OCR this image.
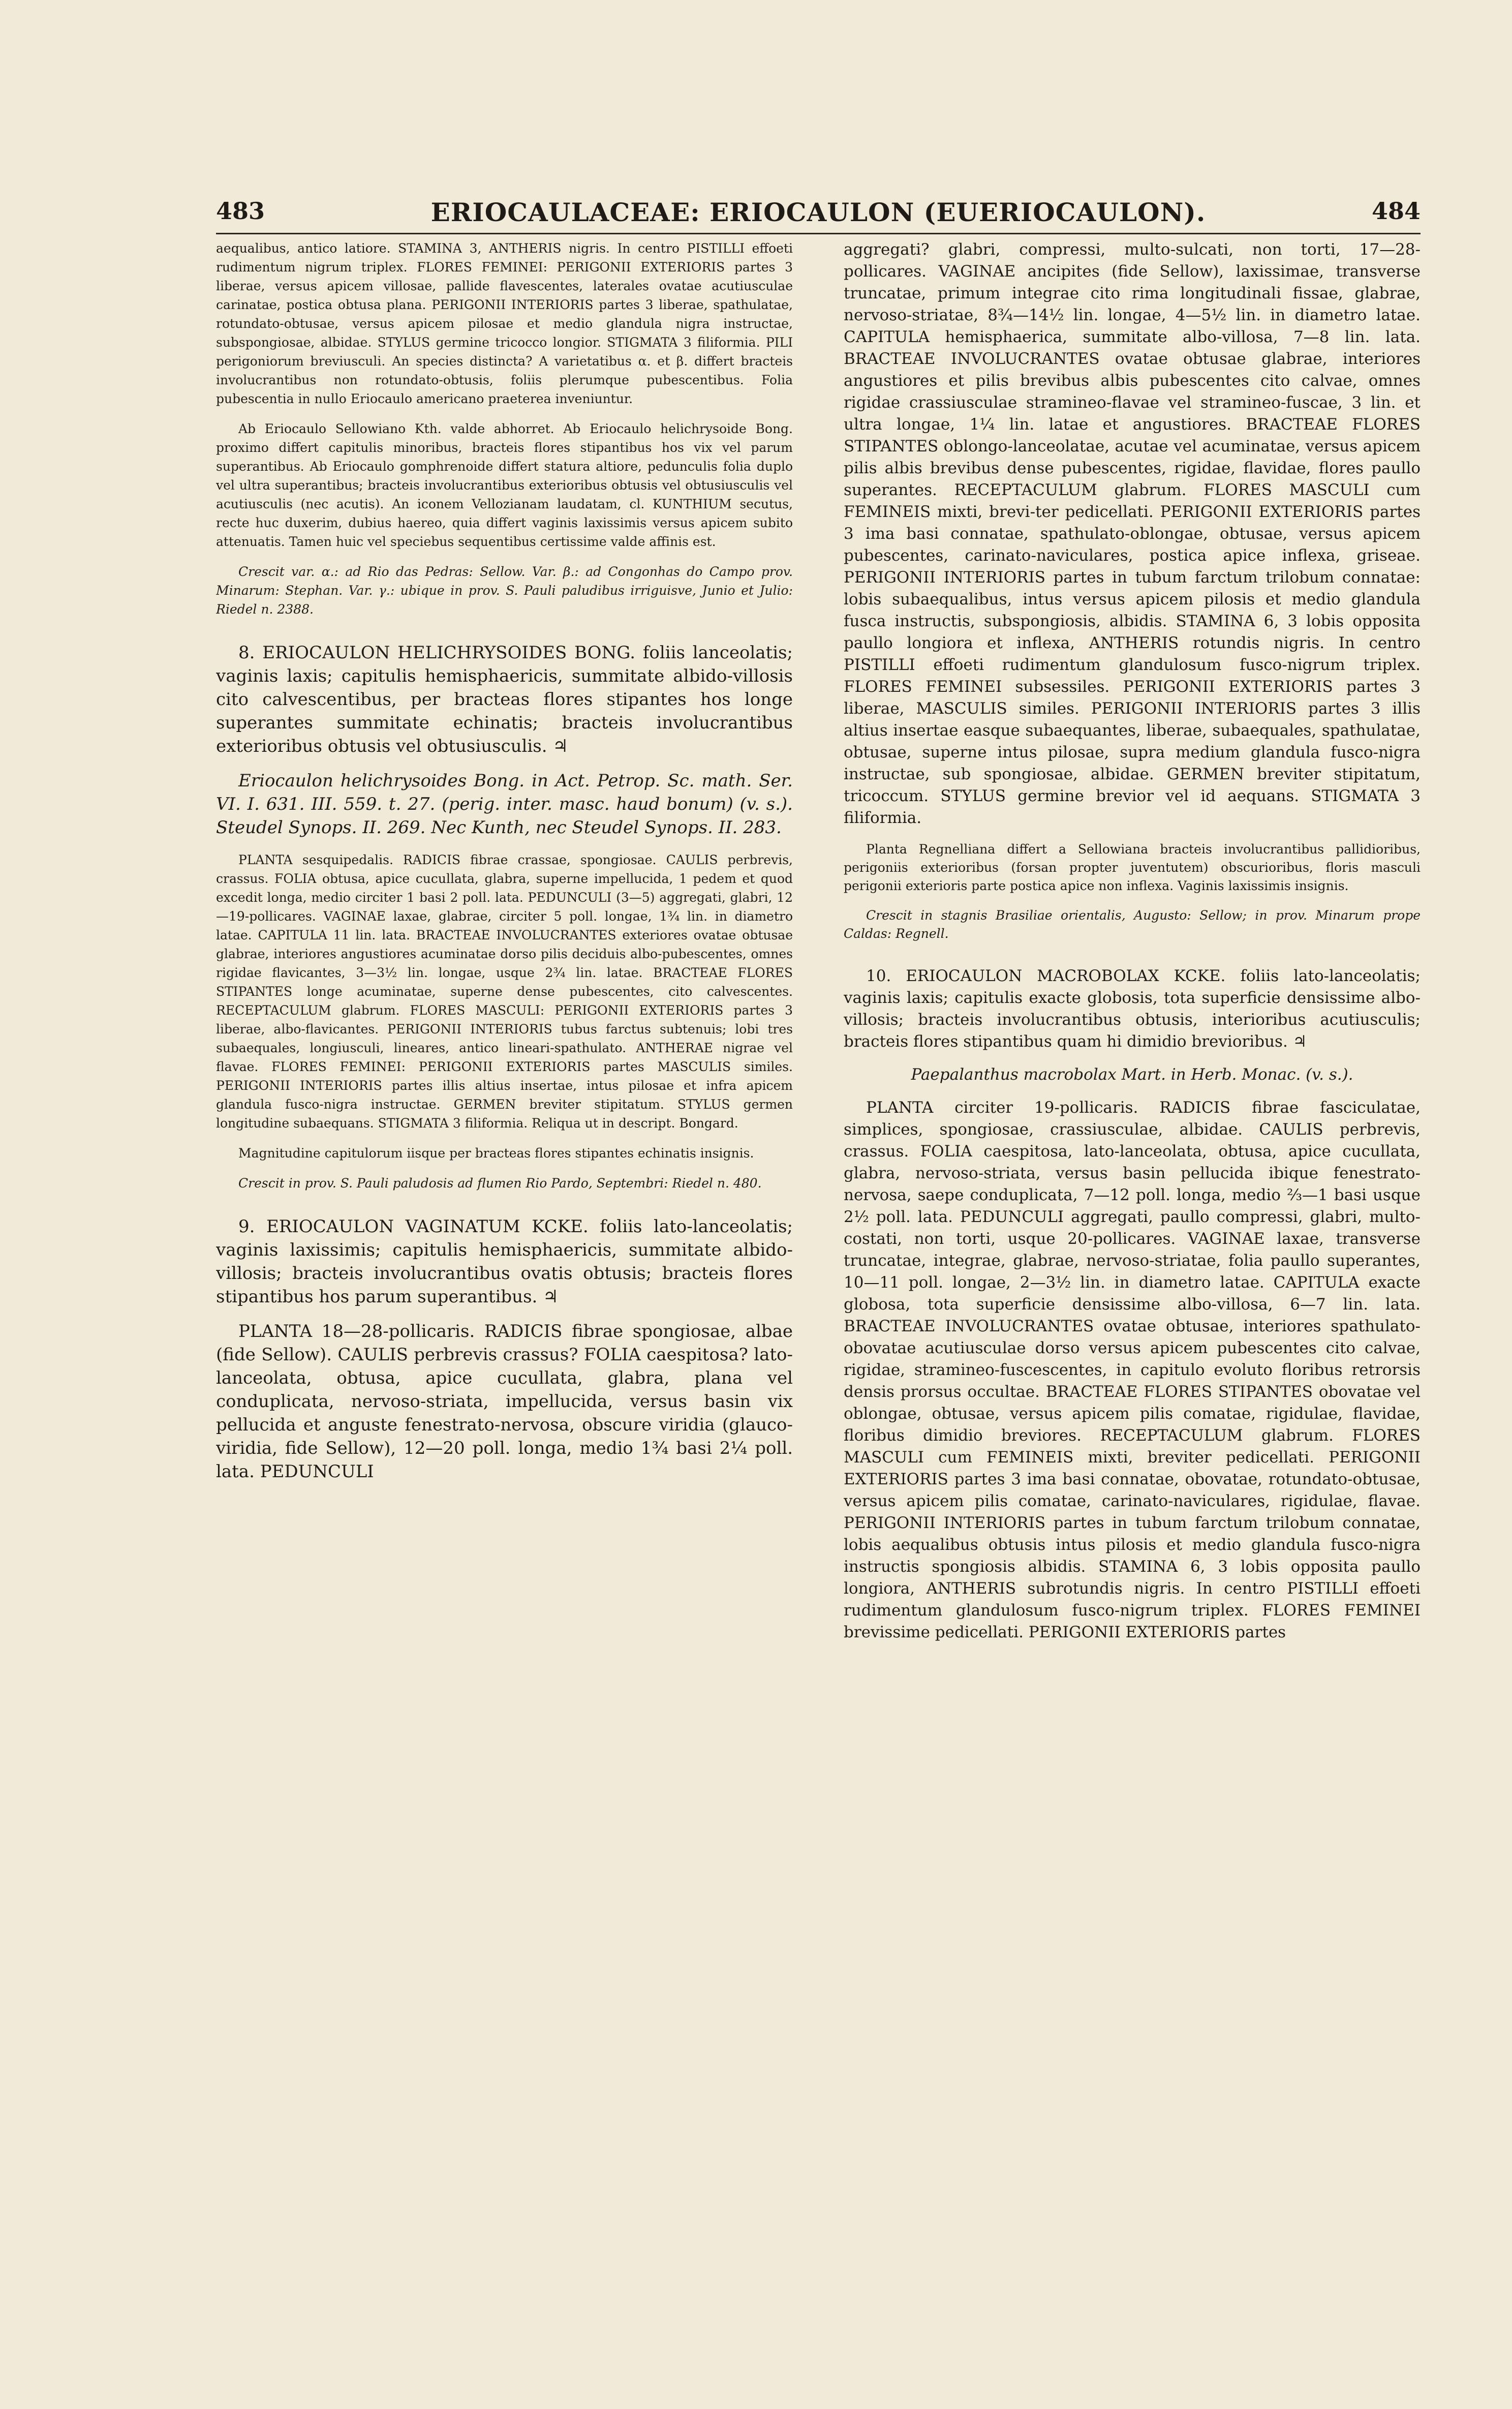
483	ERIOCAULACEAE: ERIOCAULON (EUERIOCAULON).	484

aequalibus, antico latiore. STAMINA 3, ANTHERIS nigris. In centro PISTILLI effoeti rudimentum nigrum triplex. FLORES FEMINEI: PERIGONII EXTERIORIS partes 3 liberae, versus apicem villosae, pallide flavescentes, laterales ovatae acutiusculae carinatae, postica obtusa plana. PERIGONII INTERIORIS partes 3 liberae, spathulatae, rotundato-obtusae, versus apicem pilosae et medio glandula nigra instructae, subspongiosae, albidae. STYLUS germine tricocco longior. STIGMATA 3 filiformia. PILI perigoniorum breviusculi. An species distincta? A varietatibus α. et β. differt bracteis involucrantibus non rotundato-obtusis, foliis plerumque pubescentibus. Folia pubescentia in nullo Eriocaulo americano praeterea inveniuntur.

Ab Eriocaulo Sellowiano Kth. valde abhorret. Ab Eriocaulo helichrysoide Bong. proximo differt capitulis minoribus, bracteis flores stipantibus hos vix vel parum superantibus. Ab Eriocaulo gomphrenoide differt statura altiore, pedunculis folia duplo vel ultra superantibus; bracteis involucrantibus exterioribus obtusis vel obtusiusculis vel acutiusculis (nec acutis). An iconem Vellozianam laudatam, cl. KUNTHIUM secutus, recte huc duxerim, dubius haereo, quia differt vaginis laxissimis versus apicem subito attenuatis. Tamen huic vel speciebus sequentibus certissime valde affinis est.

Crescit var. α.: ad Rio das Pedras: Sellow. Var. β.: ad Congonhas do Campo prov. Minarum: Stephan. Var. γ.: ubique in prov. S. Pauli paludibus irriguisve, Junio et Julio: Riedel n. 2388.

8. ERIOCAULON HELICHRYSOIDES BONG. foliis lanceolatis; vaginis laxis; capitulis hemisphaericis, summitate albido-villosis cito calvescentibus, per bracteas flores stipantes hos longe superantes summitate echinatis; bracteis involucrantibus exterioribus obtusis vel obtusiusculis. ♃

Eriocaulon helichrysoides Bong. in Act. Petrop. Sc. math. Ser. VI. I. 631. III. 559. t. 27. (perig. inter. masc. haud bonum) (v. s.). Steudel Synops. II. 269. Nec Kunth, nec Steudel Synops. II. 283.

PLANTA sesquipedalis. RADICIS fibrae crassae, spongiosae. CAULIS perbrevis, crassus. FOLIA obtusa, apice cucullata, glabra, superne impellucida, 1 pedem et quod excedit longa, medio circiter 1 basi 2 poll. lata. PEDUNCULI (3—5) aggregati, glabri, 12—19-pollicares. VAGINAE laxae, glabrae, circiter 5 poll. longae, 1¾ lin. in diametro latae. CAPITULA 11 lin. lata. BRACTEAE INVOLUCRANTES exteriores ovatae obtusae glabrae, interiores angustiores acuminatae dorso pilis deciduis albo-pubescentes, omnes rigidae flavicantes, 3—3½ lin. longae, usque 2¾ lin. latae. BRACTEAE FLORES STIPANTES longe acuminatae, superne dense pubescentes, cito calvescentes. RECEPTACULUM glabrum. FLORES MASCULI: PERIGONII EXTERIORIS partes 3 liberae, albo-flavicantes. PERIGONII INTERIORIS tubus farctus subtenuis; lobi tres subaequales, longiusculi, lineares, antico lineari-spathulato. ANTHERAE nigrae vel flavae. FLORES FEMINEI: PERIGONII EXTERIORIS partes MASCULIS similes. PERIGONII INTERIORIS partes illis altius insertae, intus pilosae et infra apicem glandula fusco-nigra instructae. GERMEN breviter stipitatum. STYLUS germen longitudine subaequans. STIGMATA 3 filiformia. Reliqua ut in descript. Bongard.

Magnitudine capitulorum iisque per bracteas flores stipantes echinatis insignis.

Crescit in prov. S. Pauli paludosis ad flumen Rio Pardo, Septembri: Riedel n. 480.

9. ERIOCAULON VAGINATUM KCKE. foliis lato-lanceolatis; vaginis laxissimis; capitulis hemisphaericis, summitate albido-villosis; bracteis involucrantibus ovatis obtusis; bracteis flores stipantibus hos parum superantibus. ♃

PLANTA 18—28-pollicaris. RADICIS fibrae spongiosae, albae (fide Sellow). CAULIS perbrevis crassus? FOLIA caespitosa? lato-lanceolata, obtusa, apice cucullata, glabra, plana vel conduplicata, nervoso-striata, impellucida, versus basin vix pellucida et anguste fenestrato-nervosa, obscure viridia (glauco-viridia, fide Sellow), 12—20 poll. longa, medio 1¾ basi 2¼ poll. lata. PEDUNCULI

aggregati? glabri, compressi, multo-sulcati, non torti, 17—28-pollicares. VAGINAE ancipites (fide Sellow), laxissimae, transverse truncatae, primum integrae cito rima longitudinali fissae, glabrae, nervoso-striatae, 8¾—14½ lin. longae, 4—5½ lin. in diametro latae. CAPITULA hemisphaerica, summitate albo-villosa, 7—8 lin. lata. BRACTEAE INVOLUCRANTES ovatae obtusae glabrae, interiores angustiores et pilis brevibus albis pubescentes cito calvae, omnes rigidae crassiusculae stramineo-flavae vel stramineo-fuscae, 3 lin. et ultra longae, 1¼ lin. latae et angustiores. BRACTEAE FLORES STIPANTES oblongo-lanceolatae, acutae vel acuminatae, versus apicem pilis albis brevibus dense pubescentes, rigidae, flavidae, flores paullo superantes. RECEPTACULUM glabrum. FLORES MASCULI cum FEMINEIS mixti, brevi-ter pedicellati. PERIGONII EXTERIORIS partes 3 ima basi connatae, spathulato-oblongae, obtusae, versus apicem pubescentes, carinato-naviculares, postica apice inflexa, griseae. PERIGONII INTERIORIS partes in tubum farctum trilobum connatae: lobis subaequalibus, intus versus apicem pilosis et medio glandula fusca instructis, subspongiosis, albidis. STAMINA 6, 3 lobis opposita paullo longiora et inflexa, ANTHERIS rotundis nigris. In centro PISTILLI effoeti rudimentum glandulosum fusco-nigrum triplex. FLORES FEMINEI subsessiles. PERIGONII EXTERIORIS partes 3 liberae, MASCULIS similes. PERIGONII INTERIORIS partes 3 illis altius insertae easque subaequantes, liberae, subaequales, spathulatae, obtusae, superne intus pilosae, supra medium glandula fusco-nigra instructae, sub spongiosae, albidae. GERMEN breviter stipitatum, tricoccum. STYLUS germine brevior vel id aequans. STIGMATA 3 filiformia.

Planta Regnelliana differt a Sellowiana bracteis involucrantibus pallidioribus, perigoniis exterioribus (forsan propter juventutem) obscurioribus, floris masculi perigonii exterioris parte postica apice non inflexa. Vaginis laxissimis insignis.

Crescit in stagnis Brasiliae orientalis, Augusto: Sellow; in prov. Minarum prope Caldas: Regnell.

10. ERIOCAULON MACROBOLAX KCKE. foliis lato-lanceolatis; vaginis laxis; capitulis exacte globosis, tota superficie densissime albo-villosis; bracteis involucrantibus obtusis, interioribus acutiusculis; bracteis flores stipantibus quam hi dimidio brevioribus. ♃

Paepalanthus macrobolax Mart. in Herb. Monac. (v. s.).

PLANTA circiter 19-pollicaris. RADICIS fibrae fasciculatae, simplices, spongiosae, crassiusculae, albidae. CAULIS perbrevis, crassus. FOLIA caespitosa, lato-lanceolata, obtusa, apice cucullata, glabra, nervoso-striata, versus basin pellucida ibique fenestrato-nervosa, saepe conduplicata, 7—12 poll. longa, medio ⅔—1 basi usque 2½ poll. lata. PEDUNCULI aggregati, paullo compressi, glabri, multo-costati, non torti, usque 20-pollicares. VAGINAE laxae, transverse truncatae, integrae, glabrae, nervoso-striatae, folia paullo superantes, 10—11 poll. longae, 2—3½ lin. in diametro latae. CAPITULA exacte globosa, tota superficie densissime albo-villosa, 6—7 lin. lata. BRACTEAE INVOLUCRANTES ovatae obtusae, interiores spathulato-obovatae acutiusculae dorso versus apicem pubescentes cito calvae, rigidae, stramineo-fuscescentes, in capitulo evoluto floribus retrorsis densis prorsus occultae. BRACTEAE FLORES STIPANTES obovatae vel oblongae, obtusae, versus apicem pilis comatae, rigidulae, flavidae, floribus dimidio breviores. RECEPTACULUM glabrum. FLORES MASCULI cum FEMINEIS mixti, breviter pedicellati. PERIGONII EXTERIORIS partes 3 ima basi connatae, obovatae, rotundato-obtusae, versus apicem pilis comatae, carinato-naviculares, rigidulae, flavae. PERIGONII INTERIORIS partes in tubum farctum trilobum connatae, lobis aequalibus obtusis intus pilosis et medio glandula fusco-nigra instructis spongiosis albidis. STAMINA 6, 3 lobis opposita paullo longiora, ANTHERIS subrotundis nigris. In centro PISTILLI effoeti rudimentum glandulosum fusco-nigrum triplex. FLORES FEMINEI brevissime pedicellati. PERIGONII EXTERIORIS partes
